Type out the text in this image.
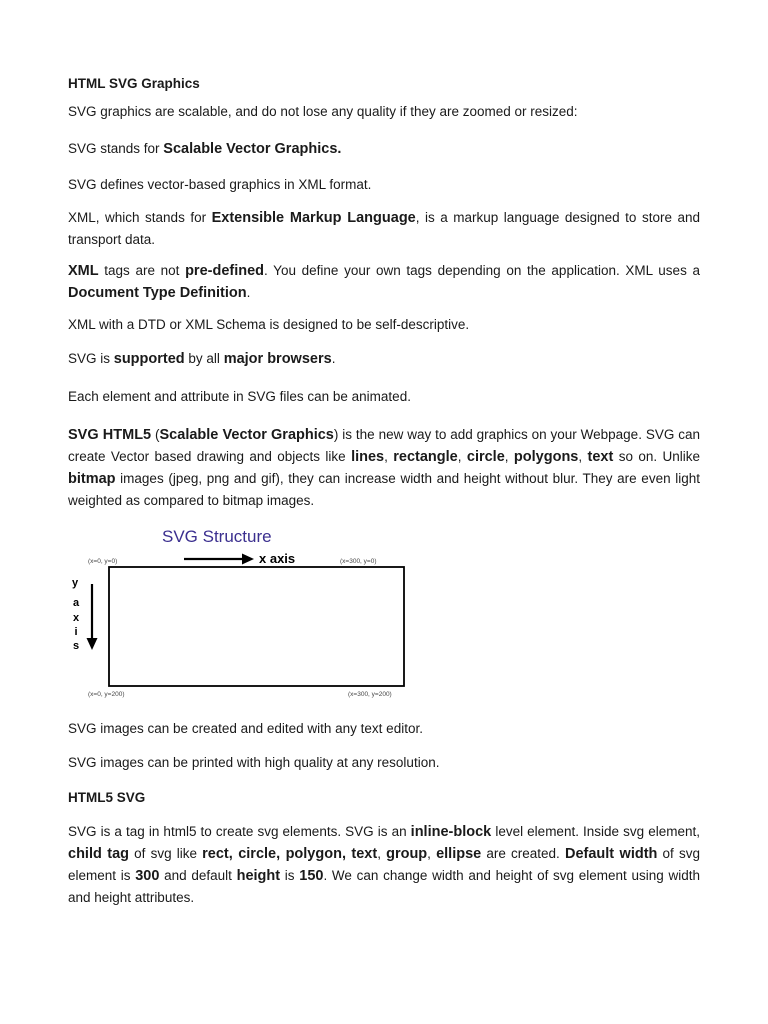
HTML SVG Graphics
SVG graphics are scalable, and do not lose any quality if they are zoomed or resized:
SVG stands for Scalable Vector Graphics.
SVG defines vector-based graphics in XML format.
XML, which stands for Extensible Markup Language, is a markup language designed to store and transport data.
XML tags are not pre-defined. You define your own tags depending on the application. XML uses a Document Type Definition.
XML with a DTD or XML Schema is designed to be self-descriptive.
SVG is supported by all major browsers.
Each element and attribute in SVG files can be animated.
SVG HTML5 (Scalable Vector Graphics) is the new way to add graphics on your Webpage. SVG can create Vector based drawing and objects like lines, rectangle, circle, polygons, text so on. Unlike bitmap images (jpeg, png and gif), they can increase width and height without blur. They are even light weighted as compared to bitmap images.
SVG Structure
x axis
(x=0, y=0)	(x=300, y=0)
(x=0, y=200)	(x=300, y=200)
y
a
x
i
s
SVG images can be created and edited with any text editor.
SVG images can be printed with high quality at any resolution.
HTML5 SVG
SVG is a tag in html5 to create svg elements. SVG is an inline-block level element. Inside svg element, child tag of svg like rect, circle, polygon, text, group, ellipse are created. Default width of svg element is 300 and default height is 150. We can change width and height of svg element using width and height attributes.
